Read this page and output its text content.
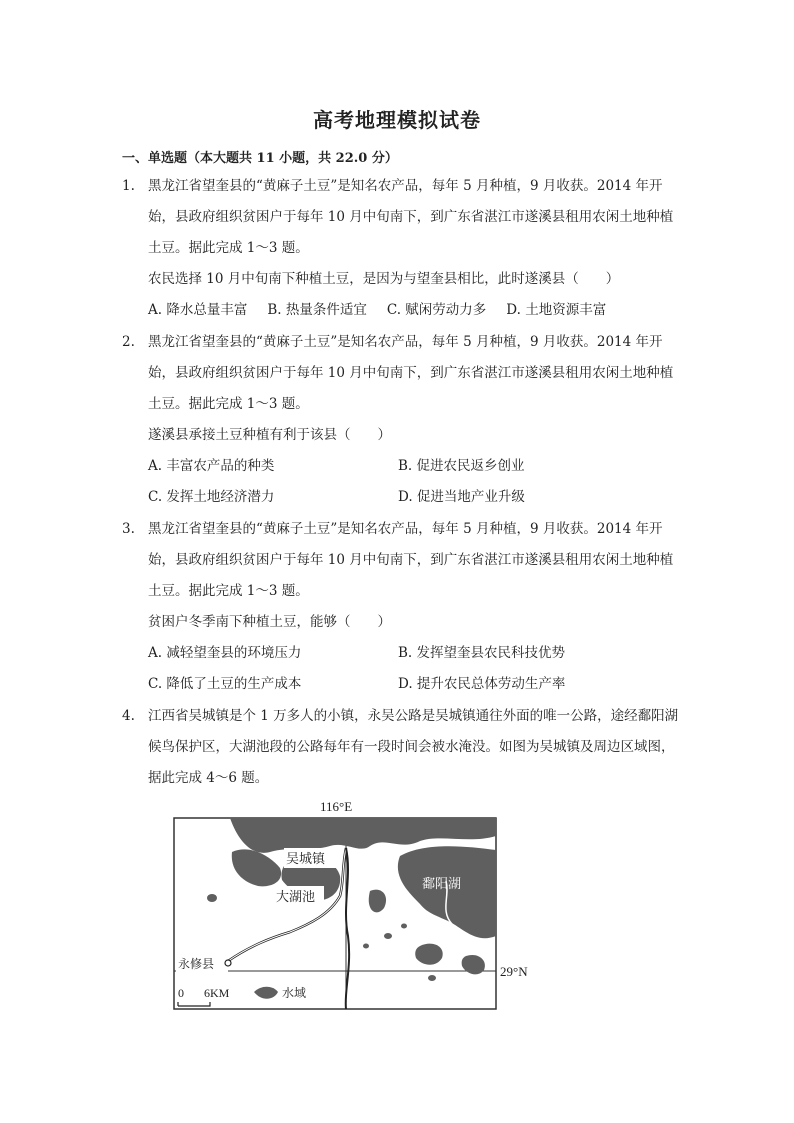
高考地理模拟试卷
一、单选题（本大题共 11 小题，共 22.0 分）
1. 黑龙江省望奎县的“黄麻子土豆”是知名农产品，每年 5 月种植，9 月收获。2014 年开始，县政府组织贫困户于每年 10 月中旬南下，到广东省湛江市遂溪县租用农闲土地种植土豆。据此完成 1～3 题。
农民选择 10 月中旬南下种植土豆，是因为与望奎县相比，此时遂溪县（　　）
A. 降水总量丰富 B. 热量条件适宜 C. 赋闲劳动力多 D. 土地资源丰富
2. 黑龙江省望奎县的“黄麻子土豆”是知名农产品，每年 5 月种植，9 月收获。2014 年开始，县政府组织贫困户于每年 10 月中旬南下，到广东省湛江市遂溪县租用农闲土地种植土豆。据此完成 1～3 题。
遂溪县承接土豆种植有利于该县（　　）
A. 丰富农产品的种类	B. 促进农民返乡创业
C. 发挥土地经济潜力	D. 促进当地产业升级
3. 黑龙江省望奎县的“黄麻子土豆”是知名农产品，每年 5 月种植，9 月收获。2014 年开始，县政府组织贫困户于每年 10 月中旬南下，到广东省湛江市遂溪县租用农闲土地种植土豆。据此完成 1～3 题。
贫困户冬季南下种植土豆，能够（　　）
A. 减轻望奎县的环境压力	B. 发挥望奎县农民科技优势
C. 降低了土豆的生产成本	D. 提升农民总体劳动生产率
4. 江西省吴城镇是个 1 万多人的小镇，永吴公路是吴城镇通往外面的唯一公路，途经鄱阳湖候鸟保护区，大湖池段的公路每年有一段时间会被水淹没。如图为吴城镇及周边区域图，据此完成 4～6 题。
116°E
吴城镇
大湖池
鄱阳湖
永修县	29°N
0 6KM	水域
